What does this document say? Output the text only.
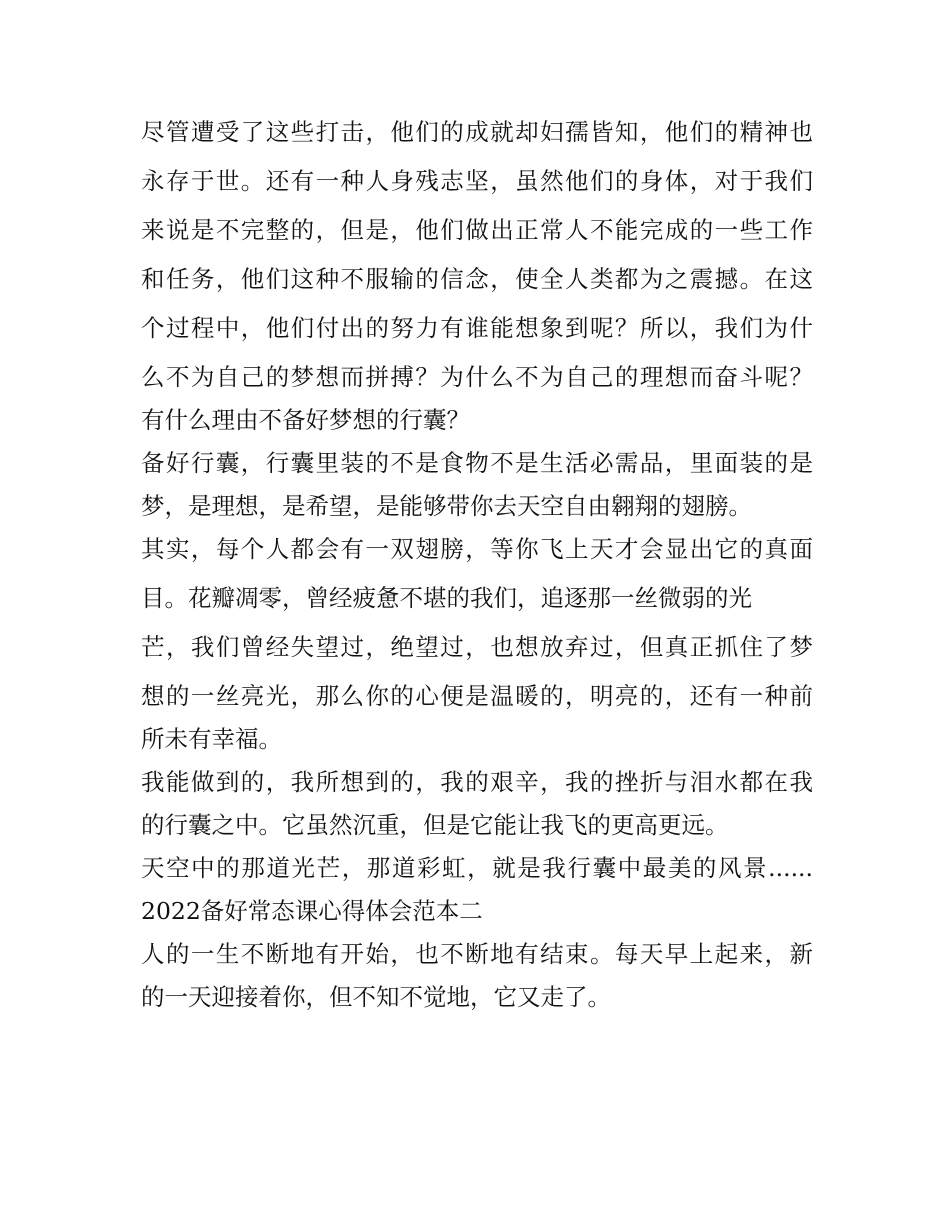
尽管遭受了这些打击，他们的成就却妇孺皆知，他们的精神也
永存于世。还有一种人身残志坚，虽然他们的身体，对于我们
来说是不完整的，但是，他们做出正常人不能完成的一些工作
和任务，他们这种不服输的信念，使全人类都为之震撼。在这
个过程中，他们付出的努力有谁能想象到呢？所以，我们为什
么不为自己的梦想而拼搏？为什么不为自己的理想而奋斗呢？
有什么理由不备好梦想的行囊？
备好行囊，行囊里装的不是食物不是生活必需品，里面装的是
梦，是理想，是希望，是能够带你去天空自由翱翔的翅膀。
其实，每个人都会有一双翅膀，等你飞上天才会显出它的真面
目。花瓣凋零，曾经疲惫不堪的我们，追逐那一丝微弱的光
芒，我们曾经失望过，绝望过，也想放弃过，但真正抓住了梦
想的一丝亮光，那么你的心便是温暖的，明亮的，还有一种前
所未有幸福。
我能做到的，我所想到的，我的艰辛，我的挫折与泪水都在我
的行囊之中。它虽然沉重，但是它能让我飞的更高更远。
天空中的那道光芒，那道彩虹，就是我行囊中最美的风景......
2022备好常态课心得体会范本二
人的一生不断地有开始，也不断地有结束。每天早上起来，新
的一天迎接着你，但不知不觉地，它又走了。
